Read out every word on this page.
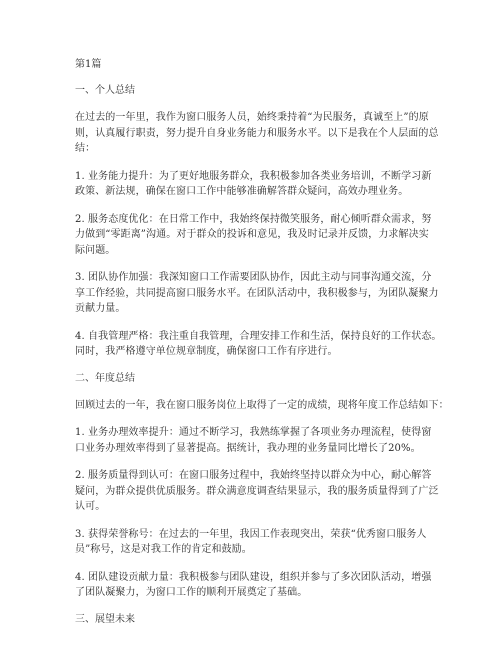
第1篇

一、个人总结

在过去的一年里，我作为窗口服务人员，始终秉持着“为民服务，真诚至上”的原
则，认真履行职责，努力提升自身业务能力和服务水平。以下是我在个人层面的总
结：

1. 业务能力提升：为了更好地服务群众，我积极参加各类业务培训，不断学习新
政策、新法规，确保在窗口工作中能够准确解答群众疑问，高效办理业务。

2. 服务态度优化：在日常工作中，我始终保持微笑服务，耐心倾听群众需求，努
力做到“零距离”沟通。对于群众的投诉和意见，我及时记录并反馈，力求解决实
际问题。

3. 团队协作加强：我深知窗口工作需要团队协作，因此主动与同事沟通交流，分
享工作经验，共同提高窗口服务水平。在团队活动中，我积极参与，为团队凝聚力
贡献力量。

4. 自我管理严格：我注重自我管理，合理安排工作和生活，保持良好的工作状态。
同时，我严格遵守单位规章制度，确保窗口工作有序进行。

二、年度总结

回顾过去的一年，我在窗口服务岗位上取得了一定的成绩，现将年度工作总结如下：

1. 业务办理效率提升：通过不断学习，我熟练掌握了各项业务办理流程，使得窗
口业务办理效率得到了显著提高。据统计，我办理的业务量同比增长了20%。

2. 服务质量得到认可：在窗口服务过程中，我始终坚持以群众为中心，耐心解答
疑问，为群众提供优质服务。群众满意度调查结果显示，我的服务质量得到了广泛
认可。

3. 获得荣誉称号：在过去的一年里，我因工作表现突出，荣获“优秀窗口服务人
员”称号，这是对我工作的肯定和鼓励。

4. 团队建设贡献力量：我积极参与团队建设，组织并参与了多次团队活动，增强
了团队凝聚力，为窗口工作的顺利开展奠定了基础。

三、展望未来
